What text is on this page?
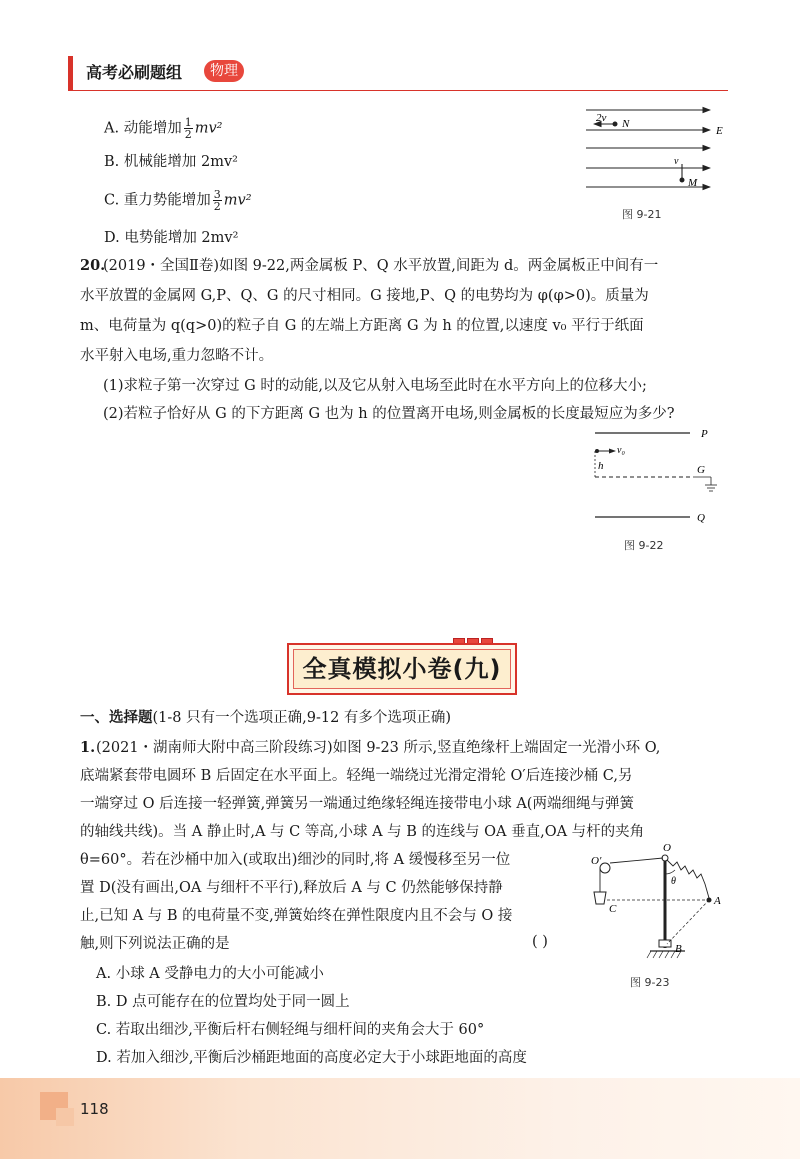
高考必刷题组	物理
A. 动能增加 $\frac{1}{2} mv^2$
B. 机械能增加 2mv²
C. 重力势能增加 $\frac{3}{2} mv^2$
D. 电势能增加 2mv²
2v N
E
v
M
图 9-21
20.
(2019・全国Ⅱ卷)如图 9-22,两金属板 P、Q 水平放置,间距为 d。两金属板正中间有一
水平放置的金属网 G,P、Q、G 的尺寸相同。G 接地,P、Q 的电势均为 φ(φ>0)。质量为
m、电荷量为 q(q>0)的粒子自 G 的左端上方距离 G 为 h 的位置,以速度 v₀ 平行于纸面
水平射入电场,重力忽略不计。
(1)求粒子第一次穿过 G 时的动能,以及它从射入电场至此时在水平方向上的位移大小;
(2)若粒子恰好从 G 的下方距离 G 也为 h 的位置离开电场,则金属板的长度最短应为多少?
P
v₀
h	G
Q
图 9-22
全真模拟小卷(九)
一、选择题(1-8 只有一个选项正确,9-12 有多个选项正确)
1. (2021・湖南师大附中高三阶段练习)如图 9-23 所示,竖直绝缘杆上端固定一光滑小环 O,
底端紧套带电圆环 B 后固定在水平面上。轻绳一端绕过光滑定滑轮 O′后连接沙桶 C,另
一端穿过 O 后连接一轻弹簧,弹簧另一端通过绝缘轻绳连接带电小球 A(两端细绳与弹簧
的轴线共线)。当 A 静止时,A 与 C 等高,小球 A 与 B 的连线与 OA 垂直,OA 与杆的夹角
θ=60°。若在沙桶中加入(或取出)细沙的同时,将 A 缓慢移至另一位
置 D(没有画出,OA 与细杆不平行),释放后 A 与 C 仍然能够保持静
止,已知 A 与 B 的电荷量不变,弹簧始终在弹性限度内且不会与 O 接
触,则下列说法正确的是	( )
A. 小球 A 受静电力的大小可能减小
B. D 点可能存在的位置均处于同一圆上
C. 若取出细沙,平衡后杆右侧轻绳与细杆间的夹角会大于 60°
D. 若加入细沙,平衡后沙桶距地面的高度必定大于小球距地面的高度
O′
O
θ
C
A
B
图 9-23
118
